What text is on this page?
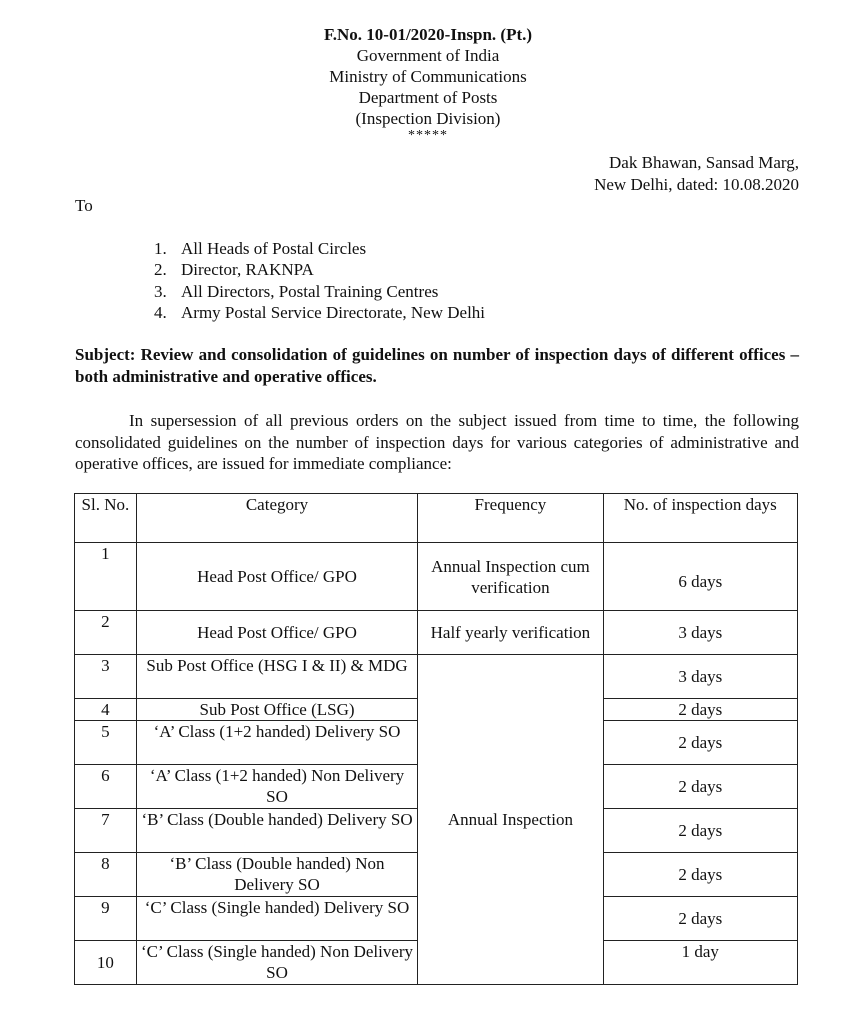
F.No. 10-01/2020-Inspn. (Pt.)
Government of India
Ministry of Communications
Department of Posts
(Inspection Division)
*****
Dak Bhawan, Sansad Marg,
New Delhi, dated: 10.08.2020
To
1. All Heads of Postal Circles
2. Director, RAKNPA
3. All Directors, Postal Training Centres
4. Army Postal Service Directorate, New Delhi
Subject: Review and consolidation of guidelines on number of inspection days of different offices – both administrative and operative offices.
In supersession of all previous orders on the subject issued from time to time, the following consolidated guidelines on the number of inspection days for various categories of administrative and operative offices, are issued for immediate compliance:
Sl. No.	Category	Frequency	No. of inspection days
1	Head Post Office/ GPO	Annual Inspection cum verification	6 days
2	Head Post Office/ GPO	Half yearly verification	3 days
3	Sub Post Office (HSG I & II) & MDG	Annual Inspection	3 days
4	Sub Post Office (LSG)		2 days
5	‘A’ Class (1+2 handed) Delivery SO		2 days
6	‘A’ Class (1+2 handed) Non Delivery SO		2 days
7	‘B’ Class (Double handed) Delivery SO		2 days
8	‘B’ Class (Double handed) Non Delivery SO		2 days
9	‘C’ Class (Single handed) Delivery SO		2 days
10	‘C’ Class (Single handed) Non Delivery SO		1 day
